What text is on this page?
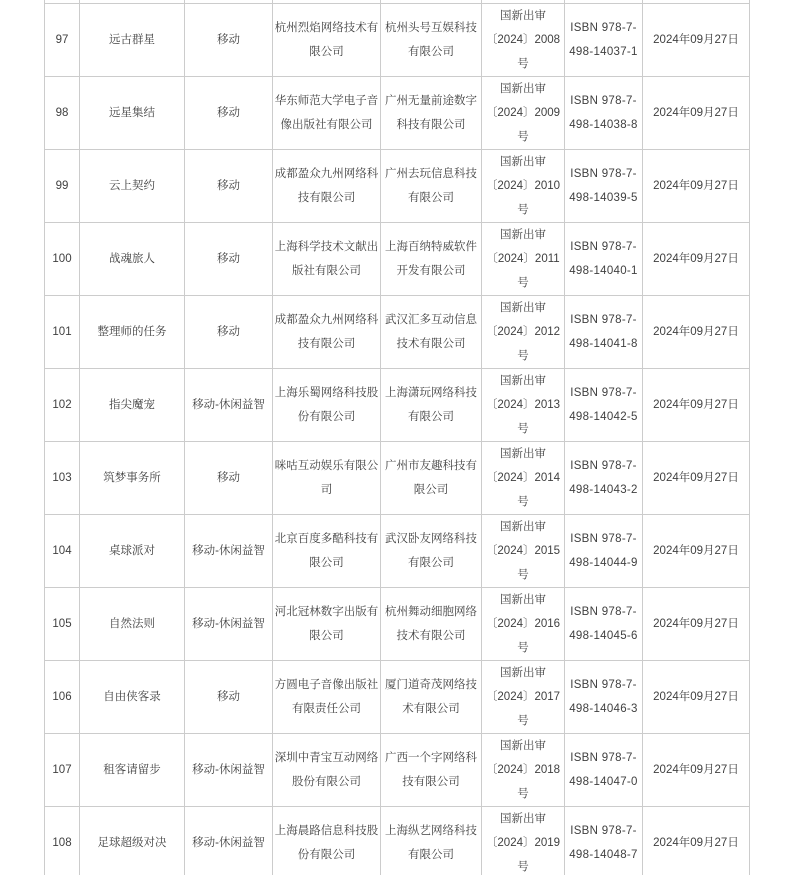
97	远古群星	移动	杭州烈焰网络技术有限公司	杭州头号互娱科技有限公司	国新出审〔2024〕2008号	ISBN 978-7-498-14037-1	2024年09月27日
98	远星集结	移动	华东师范大学电子音像出版社有限公司	广州无量前途数字科技有限公司	国新出审〔2024〕2009号	ISBN 978-7-498-14038-8	2024年09月27日
99	云上契约	移动	成都盈众九州网络科技有限公司	广州去玩信息科技有限公司	国新出审〔2024〕2010号	ISBN 978-7-498-14039-5	2024年09月27日
100	战魂旅人	移动	上海科学技术文献出版社有限公司	上海百纳特威软件开发有限公司	国新出审〔2024〕2011号	ISBN 978-7-498-14040-1	2024年09月27日
101	整理师的任务	移动	成都盈众九州网络科技有限公司	武汉汇多互动信息技术有限公司	国新出审〔2024〕2012号	ISBN 978-7-498-14041-8	2024年09月27日
102	指尖魔宠	移动-休闲益智	上海乐蜀网络科技股份有限公司	上海潇玩网络科技有限公司	国新出审〔2024〕2013号	ISBN 978-7-498-14042-5	2024年09月27日
103	筑梦事务所	移动	咪咕互动娱乐有限公司	广州市友趣科技有限公司	国新出审〔2024〕2014号	ISBN 978-7-498-14043-2	2024年09月27日
104	桌球派对	移动-休闲益智	北京百度多酷科技有限公司	武汉卧友网络科技有限公司	国新出审〔2024〕2015号	ISBN 978-7-498-14044-9	2024年09月27日
105	自然法则	移动-休闲益智	河北冠林数字出版有限公司	杭州舞动细胞网络技术有限公司	国新出审〔2024〕2016号	ISBN 978-7-498-14045-6	2024年09月27日
106	自由侠客录	移动	方圆电子音像出版社有限责任公司	厦门道奇茂网络技术有限公司	国新出审〔2024〕2017号	ISBN 978-7-498-14046-3	2024年09月27日
107	租客请留步	移动-休闲益智	深圳中青宝互动网络股份有限公司	广西一个字网络科技有限公司	国新出审〔2024〕2018号	ISBN 978-7-498-14047-0	2024年09月27日
108	足球超级对决	移动-休闲益智	上海晨路信息科技股份有限公司	上海纵艺网络科技有限公司	国新出审〔2024〕2019号	ISBN 978-7-498-14048-7	2024年09月27日
